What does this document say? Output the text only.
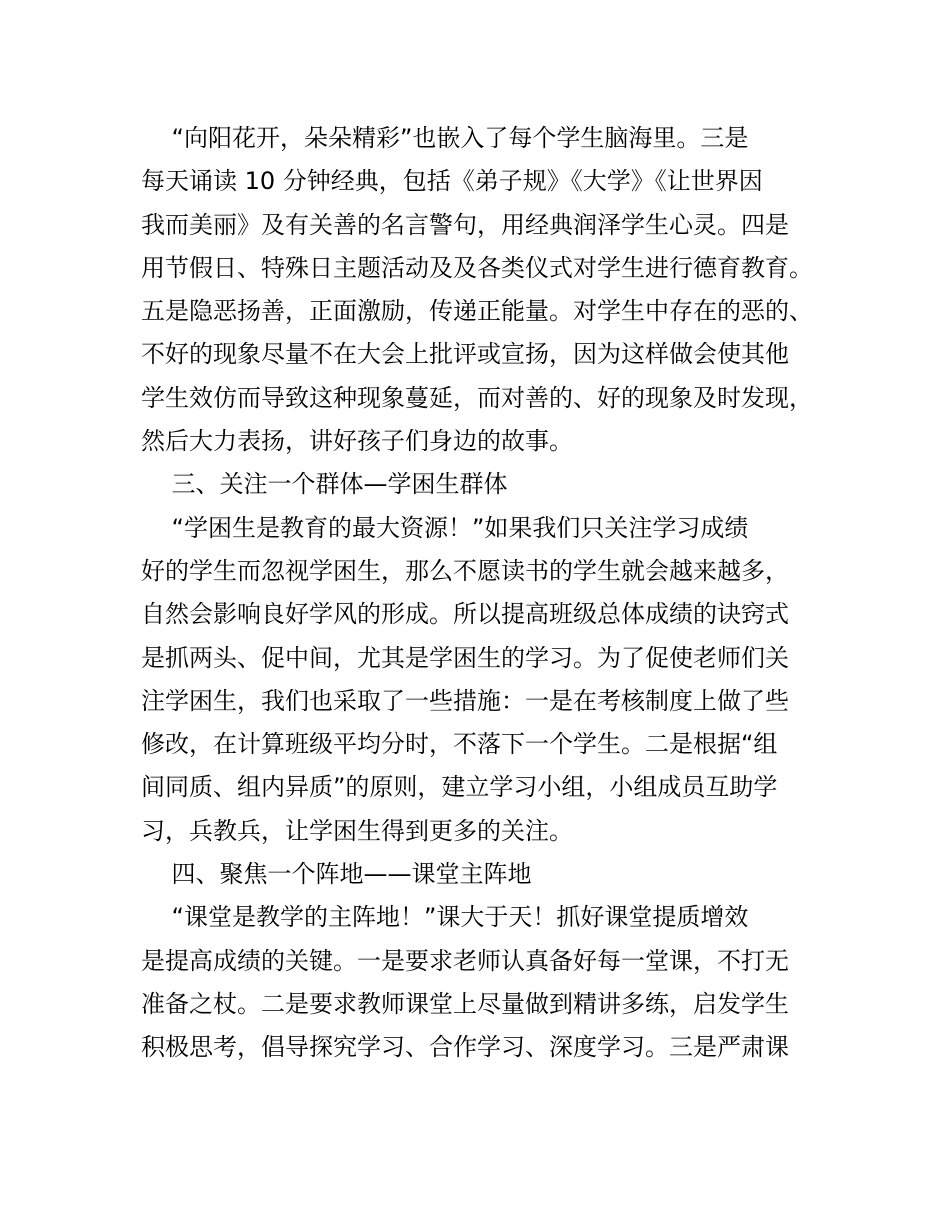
“向阳花开，朵朵精彩”也嵌入了每个学生脑海里。三是
每天诵读 10 分钟经典，包括《弟子规》《大学》《让世界因
我而美丽》及有关善的名言警句，用经典润泽学生心灵。四是
用节假日、特殊日主题活动及及各类仪式对学生进行德育教育。
五是隐恶扬善，正面激励，传递正能量。对学生中存在的恶的、
不好的现象尽量不在大会上批评或宣扬，因为这样做会使其他
学生效仿而导致这种现象蔓延，而对善的、好的现象及时发现，
然后大力表扬，讲好孩子们身边的故事。
三、关注一个群体—学困生群体
“学困生是教育的最大资源！”如果我们只关注学习成绩
好的学生而忽视学困生，那么不愿读书的学生就会越来越多，
自然会影响良好学风的形成。所以提高班级总体成绩的诀窍式
是抓两头、促中间，尤其是学困生的学习。为了促使老师们关
注学困生，我们也采取了一些措施：一是在考核制度上做了些
修改，在计算班级平均分时，不落下一个学生。二是根据“组
间同质、组内异质”的原则，建立学习小组，小组成员互助学
习，兵教兵，让学困生得到更多的关注。
四、聚焦一个阵地——课堂主阵地
“课堂是教学的主阵地！”课大于天！抓好课堂提质增效
是提高成绩的关键。一是要求老师认真备好每一堂课，不打无
准备之杖。二是要求教师课堂上尽量做到精讲多练，启发学生
积极思考，倡导探究学习、合作学习、深度学习。三是严肃课
